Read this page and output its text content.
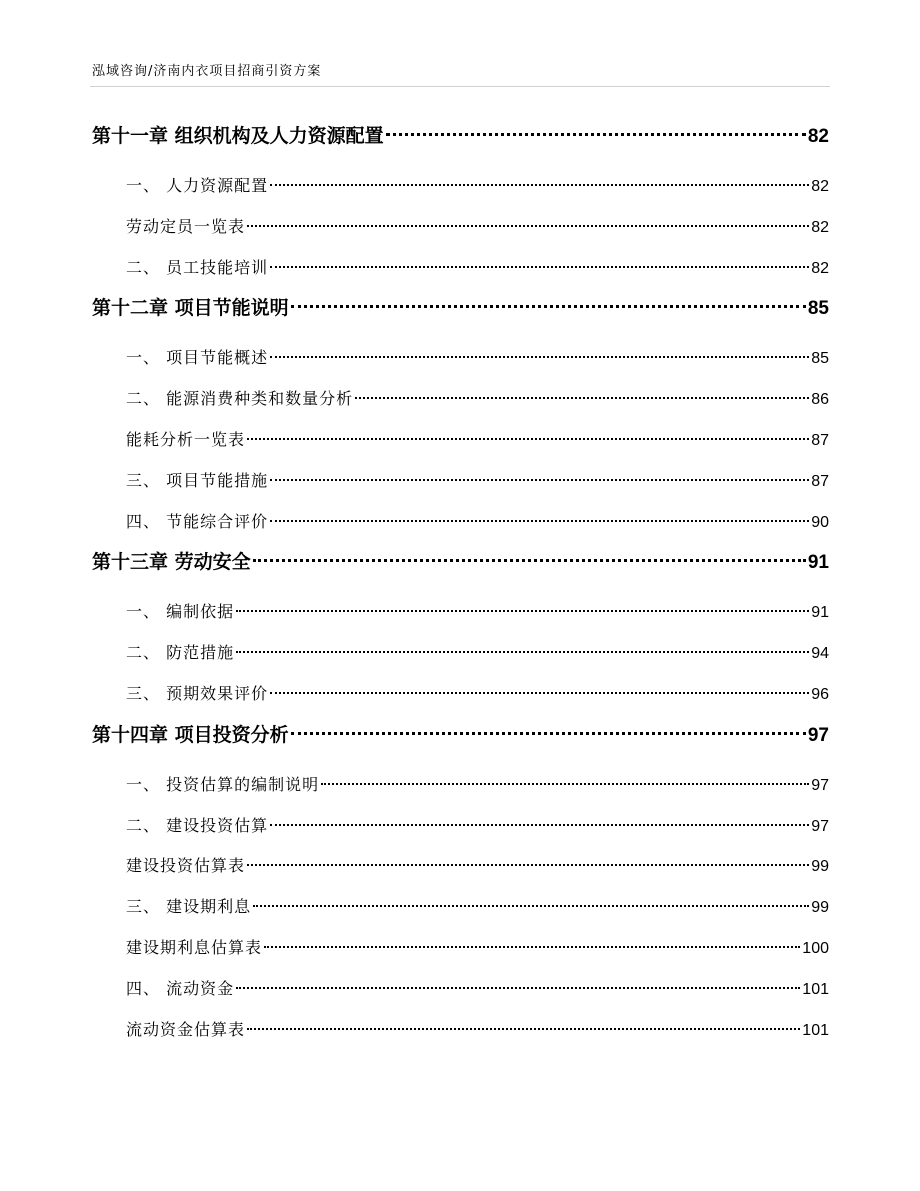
泓域咨询/济南内衣项目招商引资方案
第十一章 组织机构及人力资源配置	82
一、 人力资源配置	82
劳动定员一览表	82
二、 员工技能培训	82
第十二章 项目节能说明	85
一、 项目节能概述	85
二、 能源消费种类和数量分析	86
能耗分析一览表	87
三、 项目节能措施	87
四、 节能综合评价	90
第十三章 劳动安全	91
一、 编制依据	91
二、 防范措施	94
三、 预期效果评价	96
第十四章 项目投资分析	97
一、 投资估算的编制说明	97
二、 建设投资估算	97
建设投资估算表	99
三、 建设期利息	99
建设期利息估算表	100
四、 流动资金	101
流动资金估算表	101
